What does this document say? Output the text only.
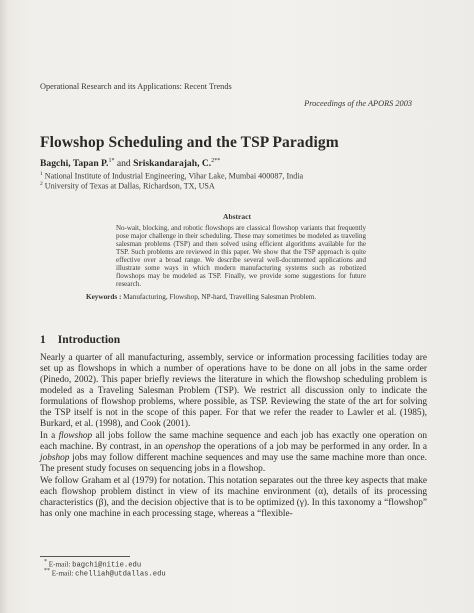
Operational Research and its Applications: Recent Trends
Proceedings of the APORS 2003
Flowshop Scheduling and the TSP Paradigm
Bagchi, Tapan P.$^{1*}$ and Sriskandarajah, C.$^{2**}$
$^1$ National Institute of Industrial Engineering, Vihar Lake, Mumbai 400087, India
$^2$ University of Texas at Dallas, Richardson, TX, USA
Abstract
No-wait, blocking, and robotic flowshops are classical flowshop variants that frequently pose major challenge in their scheduling. These may sometimes be modeled as traveling salesman problems (TSP) and then solved using efficient algorithms available for the TSP. Such problems are reviewed in this paper. We show that the TSP approach is quite effective over a broad range. We describe several well-documented applications and illustrate some ways in which modern manufacturing systems such as robotized flowshops may be modeled as TSP. Finally, we provide some suggestions for future research.
Keywords : Manufacturing, Flowshop, NP-hard, Travelling Salesman Problem.
1 Introduction

Nearly a quarter of all manufacturing, assembly, service or information processing facilities today are set up as flowshops in which a number of operations have to be done on all jobs in the same order (Pinedo, 2002). This paper briefly reviews the literature in which the flowshop scheduling problem is modeled as a Traveling Salesman Problem (TSP). We restrict all discussion only to indicate the formulations of flowshop problems, where possible, as TSP. Reviewing the state of the art for solving the TSP itself is not in the scope of this paper. For that we refer the reader to Lawler et al. (1985), Burkard, et al. (1998), and Cook (2001).

In a flowshop all jobs follow the same machine sequence and each job has exactly one operation on each machine. By contrast, in an openshop the operations of a job may be performed in any order. In a jobshop jobs may follow different machine sequences and may use the same machine more than once. The present study focuses on sequencing jobs in a flowshop.

We follow Graham et al (1979) for notation. This notation separates out the three key aspects that make each flowshop problem distinct in view of its machine environment (α), details of its processing characteristics (β), and the decision objective that is to be optimized (γ). In this taxonomy a “flowshop” has only one machine in each processing stage, whereas a “flexible-

* E-mail: bagchi@nitie.edu
** E-mail: chelliah@utdallas.edu
